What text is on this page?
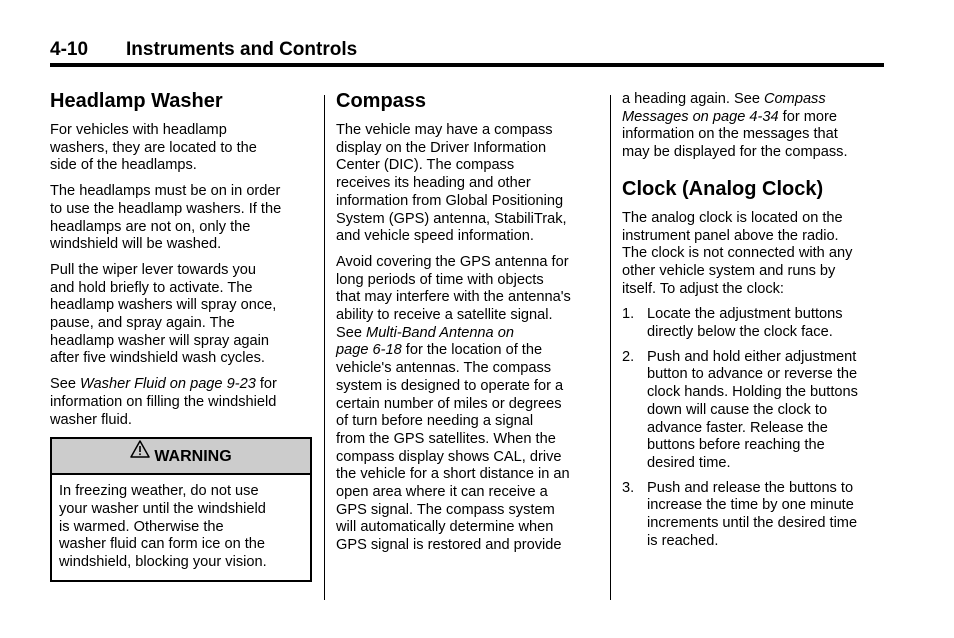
4-10 Instruments and Controls
Headlamp Washer

For vehicles with headlamp
washers, they are located to the
side of the headlamps.

The headlamps must be on in order
to use the headlamp washers. If the
headlamps are not on, only the
windshield will be washed.

Pull the wiper lever towards you
and hold briefly to activate. The
headlamp washers will spray once,
pause, and spray again. The
headlamp washer will spray again
after five windshield wash cycles.

See Washer Fluid on page 9-23 for
information on filling the windshield
washer fluid.

WARNING
In freezing weather, do not use
your washer until the windshield
is warmed. Otherwise the
washer fluid can form ice on the
windshield, blocking your vision.
Compass

The vehicle may have a compass
display on the Driver Information
Center (DIC). The compass
receives its heading and other
information from Global Positioning
System (GPS) antenna, StabiliTrak,
and vehicle speed information.

Avoid covering the GPS antenna for
long periods of time with objects
that may interfere with the antenna's
ability to receive a satellite signal.
See Multi-Band Antenna on
page 6-18 for the location of the
vehicle's antennas. The compass
system is designed to operate for a
certain number of miles or degrees
of turn before needing a signal
from the GPS satellites. When the
compass display shows CAL, drive
the vehicle for a short distance in an
open area where it can receive a
GPS signal. The compass system
will automatically determine when
GPS signal is restored and provide

a heading again. See Compass
Messages on page 4-34 for more
information on the messages that
may be displayed for the compass.

Clock (Analog Clock)

The analog clock is located on the
instrument panel above the radio.
The clock is not connected with any
other vehicle system and runs by
itself. To adjust the clock:

1. Locate the adjustment buttons
directly below the clock face.
2. Push and hold either adjustment
button to advance or reverse the
clock hands. Holding the buttons
down will cause the clock to
advance faster. Release the
buttons before reaching the
desired time.
3. Push and release the buttons to
increase the time by one minute
increments until the desired time
is reached.
